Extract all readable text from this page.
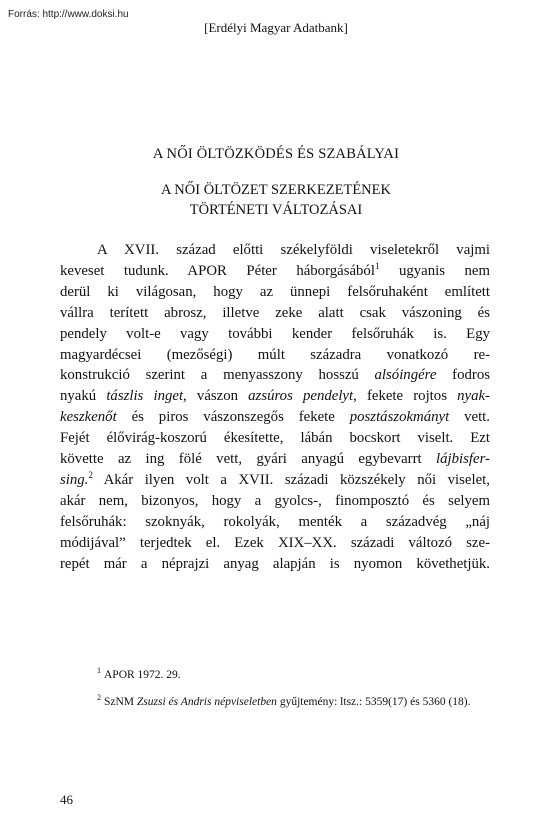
Forrás: http://www.doksi.hu
[Erdélyi Magyar Adatbank]
A NŐI ÖLTÖZKÖDÉS ÉS SZABÁLYAI
A NŐI ÖLTÖZET SZERKEZETÉNEK
TÖRTÉNETI VÁLTOZÁSAI
A XVII. század előtti székelyföldi viseletekről vajmi
keveset tudunk. APOR Péter háborgásából$^1$ ugyanis nem
derül ki világosan, hogy az ünnepi felsőruhaként említett
vállra terített abrosz, illetve zeke alatt csak vászoning és
pendely volt-e vagy további kender felsőruhák is. Egy
magyardécsei (mezőségi) múlt századra vonatkozó re-
konstrukció szerint a menyasszony hosszú alsóingére fodros
nyakú tászlis inget, vászon azsúros pendelyt, fekete rojtos nyak-
keszkenőt és piros vászonszegős fekete posztászokmányt vett.
Fejét élővirág-koszorú ékesítette, lábán bocskort viselt. Ezt
követte az ing fölé vett, gyári anyagú egybevarrt lájbisfer-
sing.$^2$ Akár ilyen volt a XVII. századi közszékely női viselet,
akár nem, bizonyos, hogy a gyolcs-, finomposztó és selyem
felsőruhák: szoknyák, rokolyák, menték a századvég „náj
módijával” terjedtek el. Ezek XIX–XX. századi változó sze-
repét már a néprajzi anyag alapján is nyomon követhetjük.
$^1$ APOR 1972. 29.
$^2$ SzNM Zsuzsi és Andris népviseletben gyűjtemény: ltsz.: 5359(17) és 5360 (18).
46
